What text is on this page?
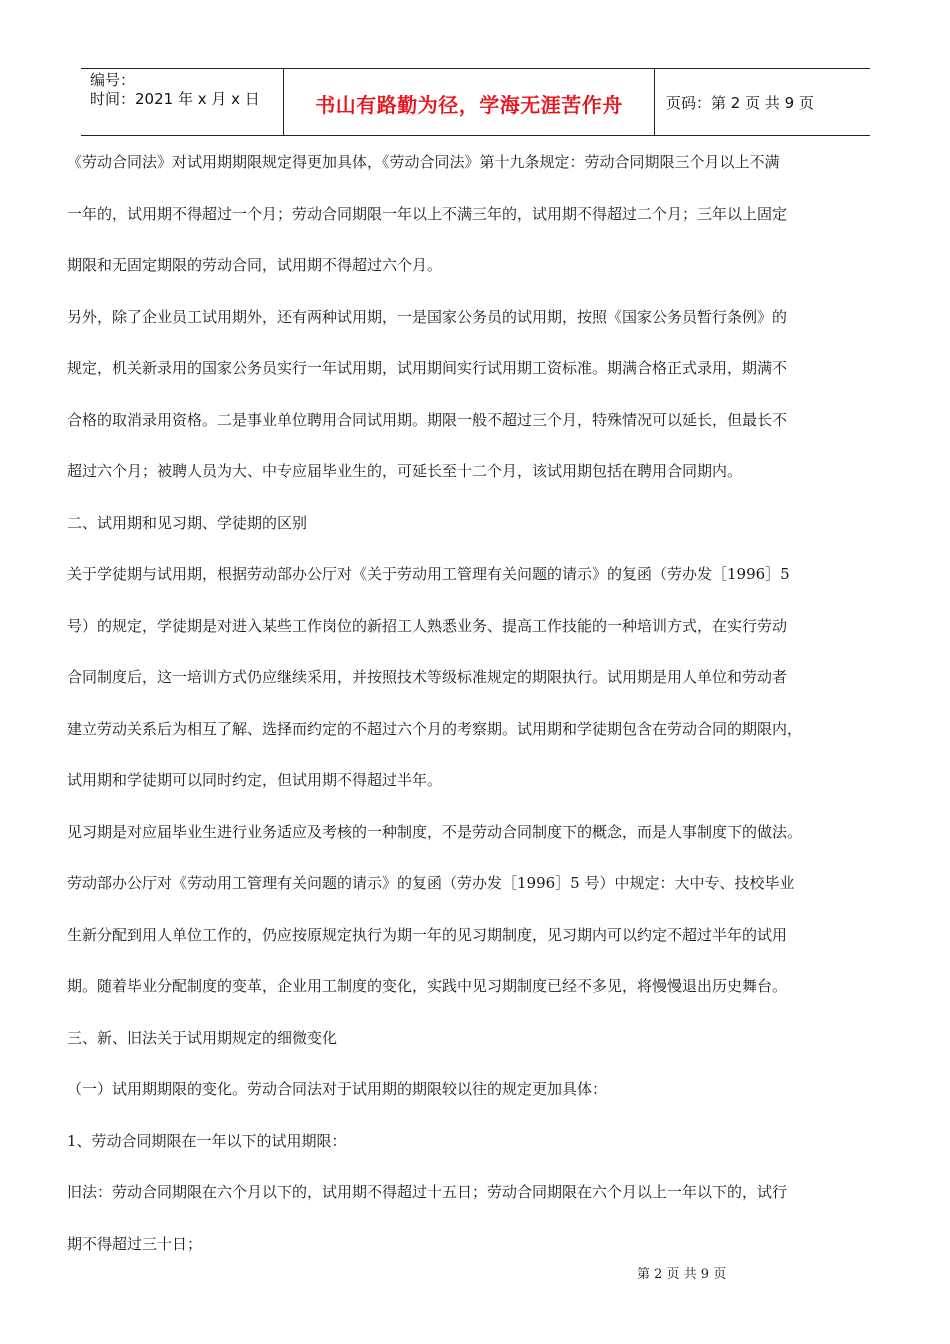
编号：
时间：2021 年 x 月 x 日	书山有路勤为径，学海无涯苦作舟	页码：第 2 页 共 9 页
《劳动合同法》对试用期期限规定得更加具体，《劳动合同法》第十九条规定：劳动合同期限三个月以上不满
一年的，试用期不得超过一个月；劳动合同期限一年以上不满三年的，试用期不得超过二个月；三年以上固定
期限和无固定期限的劳动合同，试用期不得超过六个月。
另外，除了企业员工试用期外，还有两种试用期，一是国家公务员的试用期，按照《国家公务员暂行条例》的
规定，机关新录用的国家公务员实行一年试用期，试用期间实行试用期工资标准。期满合格正式录用，期满不
合格的取消录用资格。二是事业单位聘用合同试用期。期限一般不超过三个月，特殊情况可以延长，但最长不
超过六个月；被聘人员为大、中专应届毕业生的，可延长至十二个月，该试用期包括在聘用合同期内。
二、试用期和见习期、学徒期的区别
关于学徒期与试用期，根据劳动部办公厅对《关于劳动用工管理有关问题的请示》的复函（劳办发［1996］5
号）的规定，学徒期是对进入某些工作岗位的新招工人熟悉业务、提高工作技能的一种培训方式，在实行劳动
合同制度后，这一培训方式仍应继续采用，并按照技术等级标准规定的期限执行。试用期是用人单位和劳动者
建立劳动关系后为相互了解、选择而约定的不超过六个月的考察期。试用期和学徒期包含在劳动合同的期限内，
试用期和学徒期可以同时约定，但试用期不得超过半年。
见习期是对应届毕业生进行业务适应及考核的一种制度，不是劳动合同制度下的概念，而是人事制度下的做法。
劳动部办公厅对《劳动用工管理有关问题的请示》的复函（劳办发［1996］5 号）中规定：大中专、技校毕业
生新分配到用人单位工作的，仍应按原规定执行为期一年的见习期制度，见习期内可以约定不超过半年的试用
期。随着毕业分配制度的变革，企业用工制度的变化，实践中见习期制度已经不多见，将慢慢退出历史舞台。
三、新、旧法关于试用期规定的细微变化
（一）试用期期限的变化。劳动合同法对于试用期的期限较以往的规定更加具体：
1、劳动合同期限在一年以下的试用期限：
旧法：劳动合同期限在六个月以下的，试用期不得超过十五日；劳动合同期限在六个月以上一年以下的，试行
期不得超过三十日；
第 2 页 共 9 页
